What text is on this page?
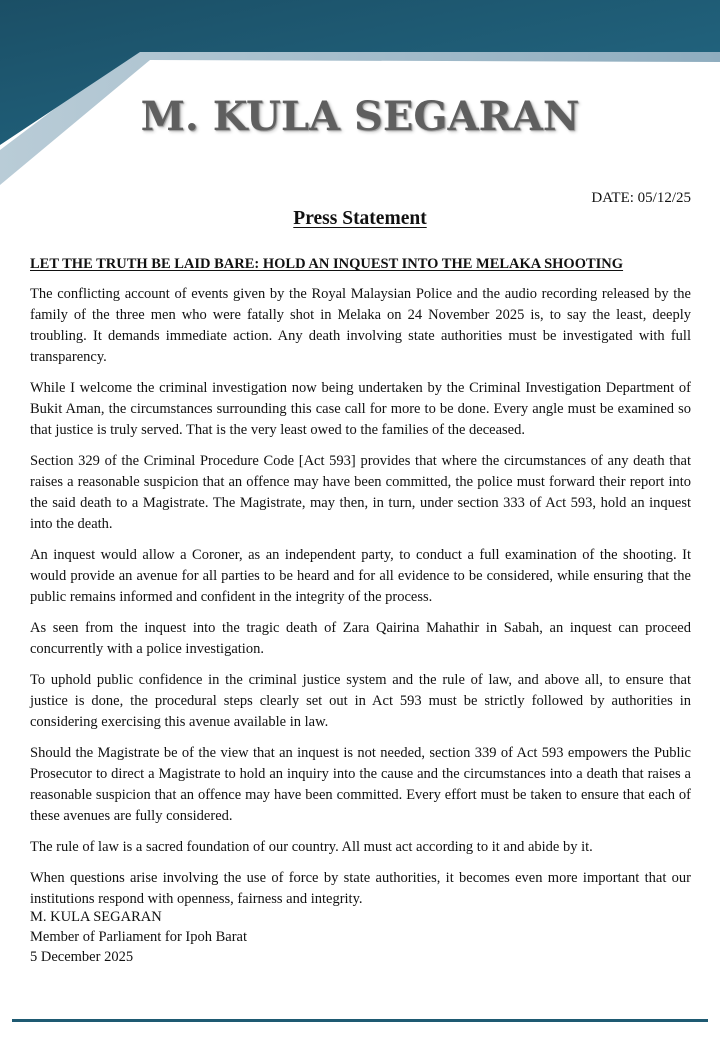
M. KULA SEGARAN
DATE: 05/12/25
Press Statement
LET THE TRUTH BE LAID BARE: HOLD AN INQUEST INTO THE MELAKA SHOOTING

The conflicting account of events given by the Royal Malaysian Police and the audio recording released by the family of the three men who were fatally shot in Melaka on 24 November 2025 is, to say the least, deeply troubling. It demands immediate action. Any death involving state authorities must be investigated with full transparency.

While I welcome the criminal investigation now being undertaken by the Criminal Investigation Department of Bukit Aman, the circumstances surrounding this case call for more to be done. Every angle must be examined so that justice is truly served. That is the very least owed to the families of the deceased.

Section 329 of the Criminal Procedure Code [Act 593] provides that where the circumstances of any death that raises a reasonable suspicion that an offence may have been committed, the police must forward their report into the said death to a Magistrate. The Magistrate, may then, in turn, under section 333 of Act 593, hold an inquest into the death.

An inquest would allow a Coroner, as an independent party, to conduct a full examination of the shooting. It would provide an avenue for all parties to be heard and for all evidence to be considered, while ensuring that the public remains informed and confident in the integrity of the process.

As seen from the inquest into the tragic death of Zara Qairina Mahathir in Sabah, an inquest can proceed concurrently with a police investigation.

To uphold public confidence in the criminal justice system and the rule of law, and above all, to ensure that justice is done, the procedural steps clearly set out in Act 593 must be strictly followed by authorities in considering exercising this avenue available in law.

Should the Magistrate be of the view that an inquest is not needed, section 339 of Act 593 empowers the Public Prosecutor to direct a Magistrate to hold an inquiry into the cause and the circumstances into a death that raises a reasonable suspicion that an offence may have been committed. Every effort must be taken to ensure that each of these avenues are fully considered.

The rule of law is a sacred foundation of our country. All must act according to it and abide by it.

When questions arise involving the use of force by state authorities, it becomes even more important that our institutions respond with openness, fairness and integrity.

M. KULA SEGARAN
Member of Parliament for Ipoh Barat
5 December 2025
